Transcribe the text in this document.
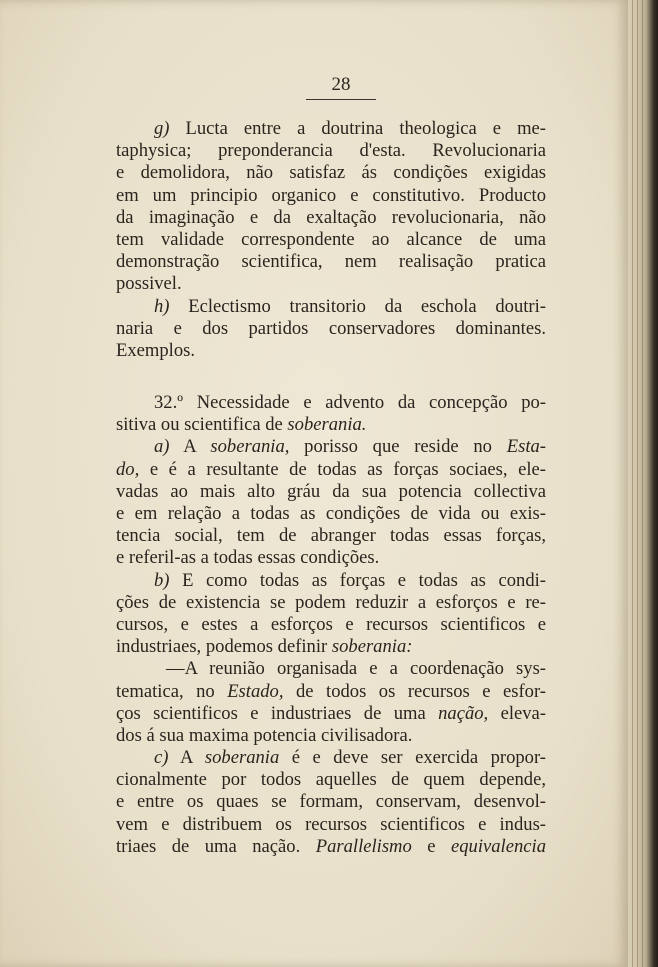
28
g) Lucta entre a doutrina theologica e me-
taphysica; preponderancia d'esta. Revolucionaria
e demolidora, não satisfaz ás condições exigidas
em um principio organico e constitutivo. Producto
da imaginação e da exaltação revolucionaria, não
tem validade correspondente ao alcance de uma
demonstração scientifica, nem realisação pratica
possivel.
h) Eclectismo transitorio da eschola doutri-
naria e dos partidos conservadores dominantes.
Exemplos.
32.º Necessidade e advento da concepção po-
sitiva ou scientifica de soberania.
a) A soberania, porisso que reside no Esta-
do, e é a resultante de todas as forças sociaes, ele-
vadas ao mais alto gráu da sua potencia collectiva
e em relação a todas as condições de vida ou exis-
tencia social, tem de abranger todas essas forças,
e referil-as a todas essas condições.
b) E como todas as forças e todas as condi-
ções de existencia se podem reduzir a esforços e re-
cursos, e estes a esforços e recursos scientificos e
industriaes, podemos definir soberania:
—A reunião organisada e a coordenação sys-
tematica, no Estado, de todos os recursos e esfor-
ços scientificos e industriaes de uma nação, eleva-
dos á sua maxima potencia civilisadora.
c) A soberania é e deve ser exercida propor-
cionalmente por todos aquelles de quem depende,
e entre os quaes se formam, conservam, desenvol-
vem e distribuem os recursos scientificos e indus-
triaes de uma nação. Parallelismo e equivalencia
